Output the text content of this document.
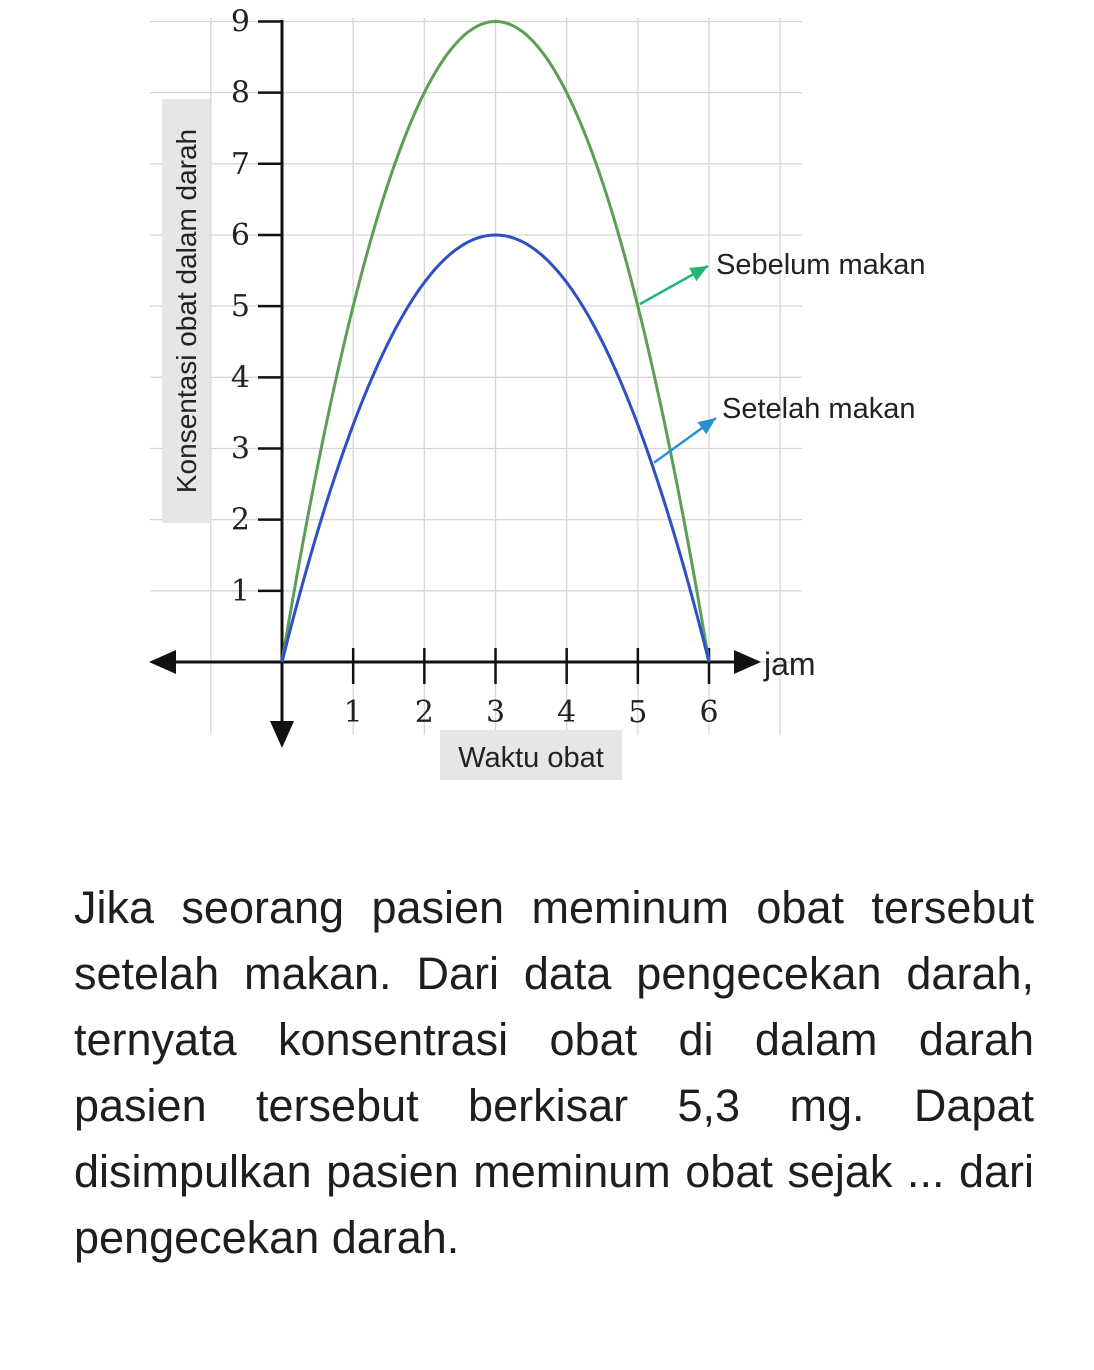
1
2
3
4
5
6
7
8
9
1 2 3 4 5 6
jam
Waktu obat
Konsentasi obat dalam darah	Sebelum makan
Setelah makan

Jika seorang pasien meminum obat tersebut setelah makan. Dari data pengecekan darah, ternyata konsentrasi obat di dalam darah pasien tersebut berkisar 5,3 mg. Dapat disimpulkan pasien meminum obat sejak ... dari pengecekan darah.
